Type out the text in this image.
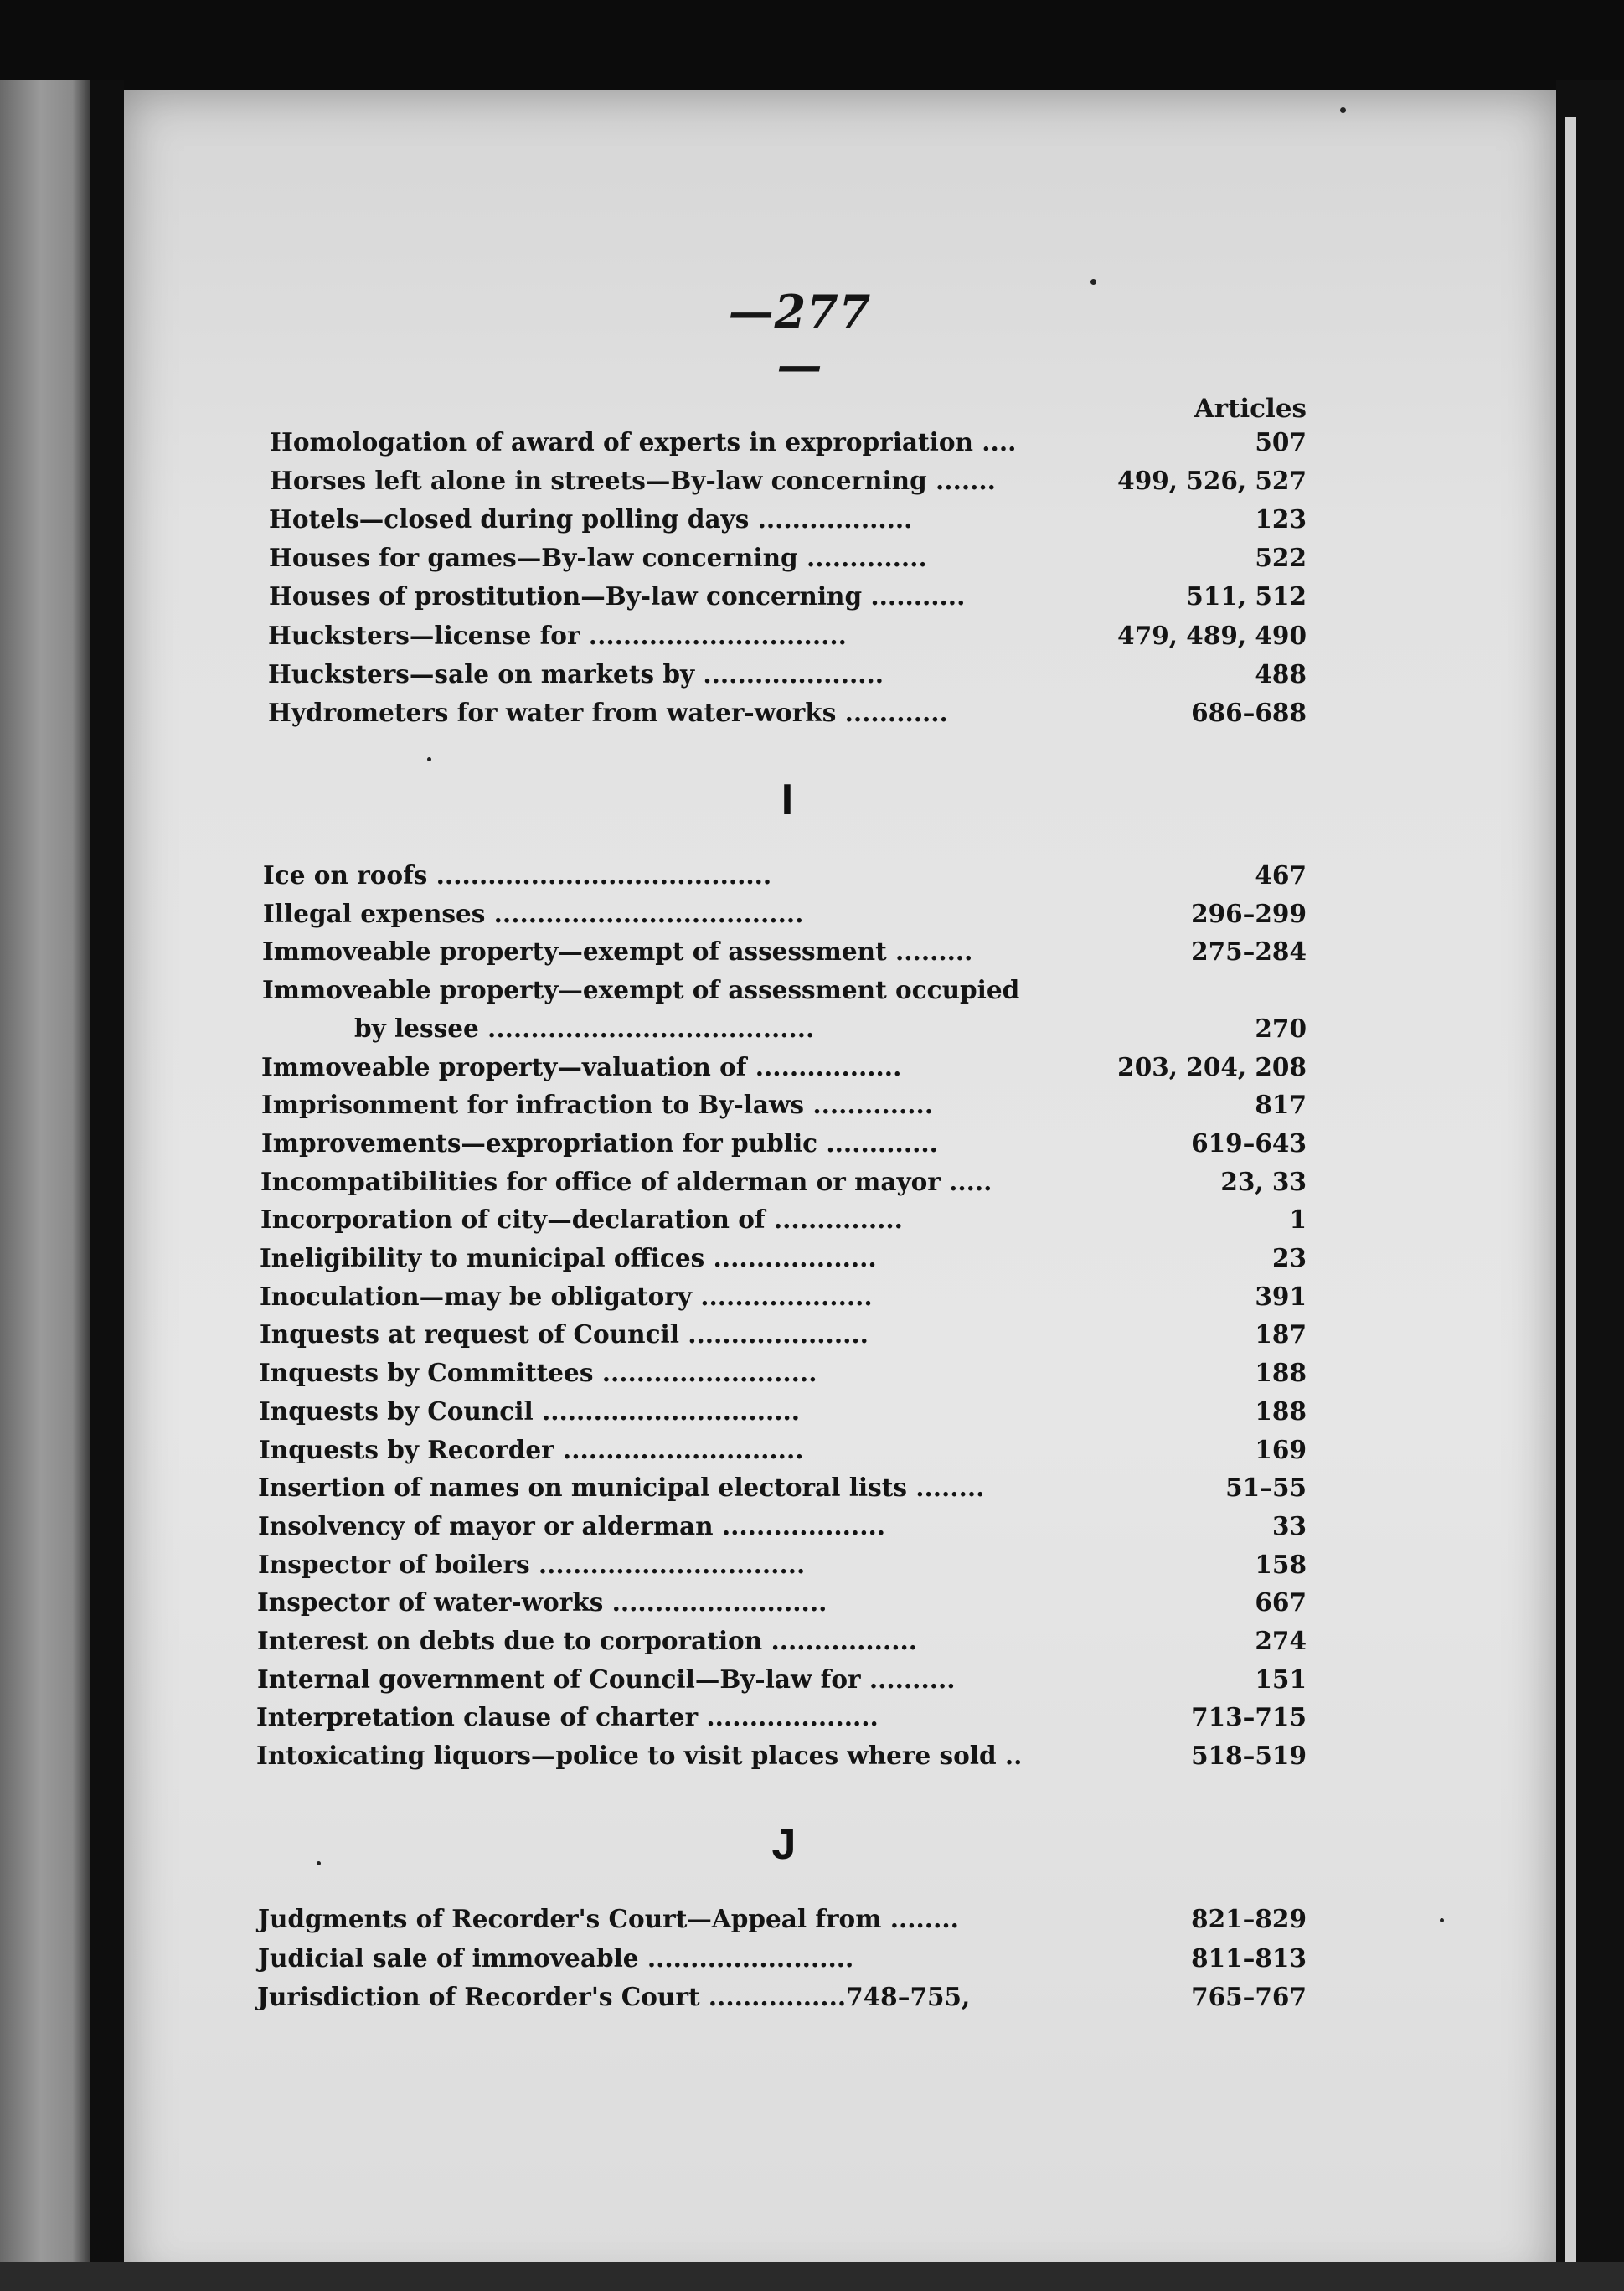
—277—
Articles
I
J
Homologation of award of experts in expropriation ....	507
Horses left alone in streets—By-law concerning .......	499, 526, 527
Hotels—closed during polling days ..................	123
Houses for games—By-law concerning ..............	522
Houses of prostitution—By-law concerning ...........	511, 512
Hucksters—license for ..............................	479, 489, 490
Hucksters—sale on markets by .....................	488
Hydrometers for water from water-works ............	686–688
Ice on roofs .......................................	467
Illegal expenses ....................................	296–299
Immoveable property—exempt of assessment .........	275–284
Immoveable property—exempt of assessment occupied
by lessee ......................................	270
Immoveable property—valuation of .................	203, 204, 208
Imprisonment for infraction to By-laws ..............	817
Improvements—expropriation for public .............	619–643
Incompatibilities for office of alderman or mayor .....	23, 33
Incorporation of city—declaration of ...............	1
Ineligibility to municipal offices ...................	23
Inoculation—may be obligatory ....................	391
Inquests at request of Council .....................	187
Inquests by Committees .........................	188
Inquests by Council ..............................	188
Inquests by Recorder ............................	169
Insertion of names on municipal electoral lists ........	51–55
Insolvency of mayor or alderman ...................	33
Inspector of boilers ...............................	158
Inspector of water-works .........................	667
Interest on debts due to corporation .................	274
Internal government of Council—By-law for ..........	151
Interpretation clause of charter ....................	713–715
Intoxicating liquors—police to visit places where sold ..	518–519
Judgments of Recorder's Court—Appeal from ........	821–829
Judicial sale of immoveable ........................	811–813
Jurisdiction of Recorder's Court ................748–755,	765–767
